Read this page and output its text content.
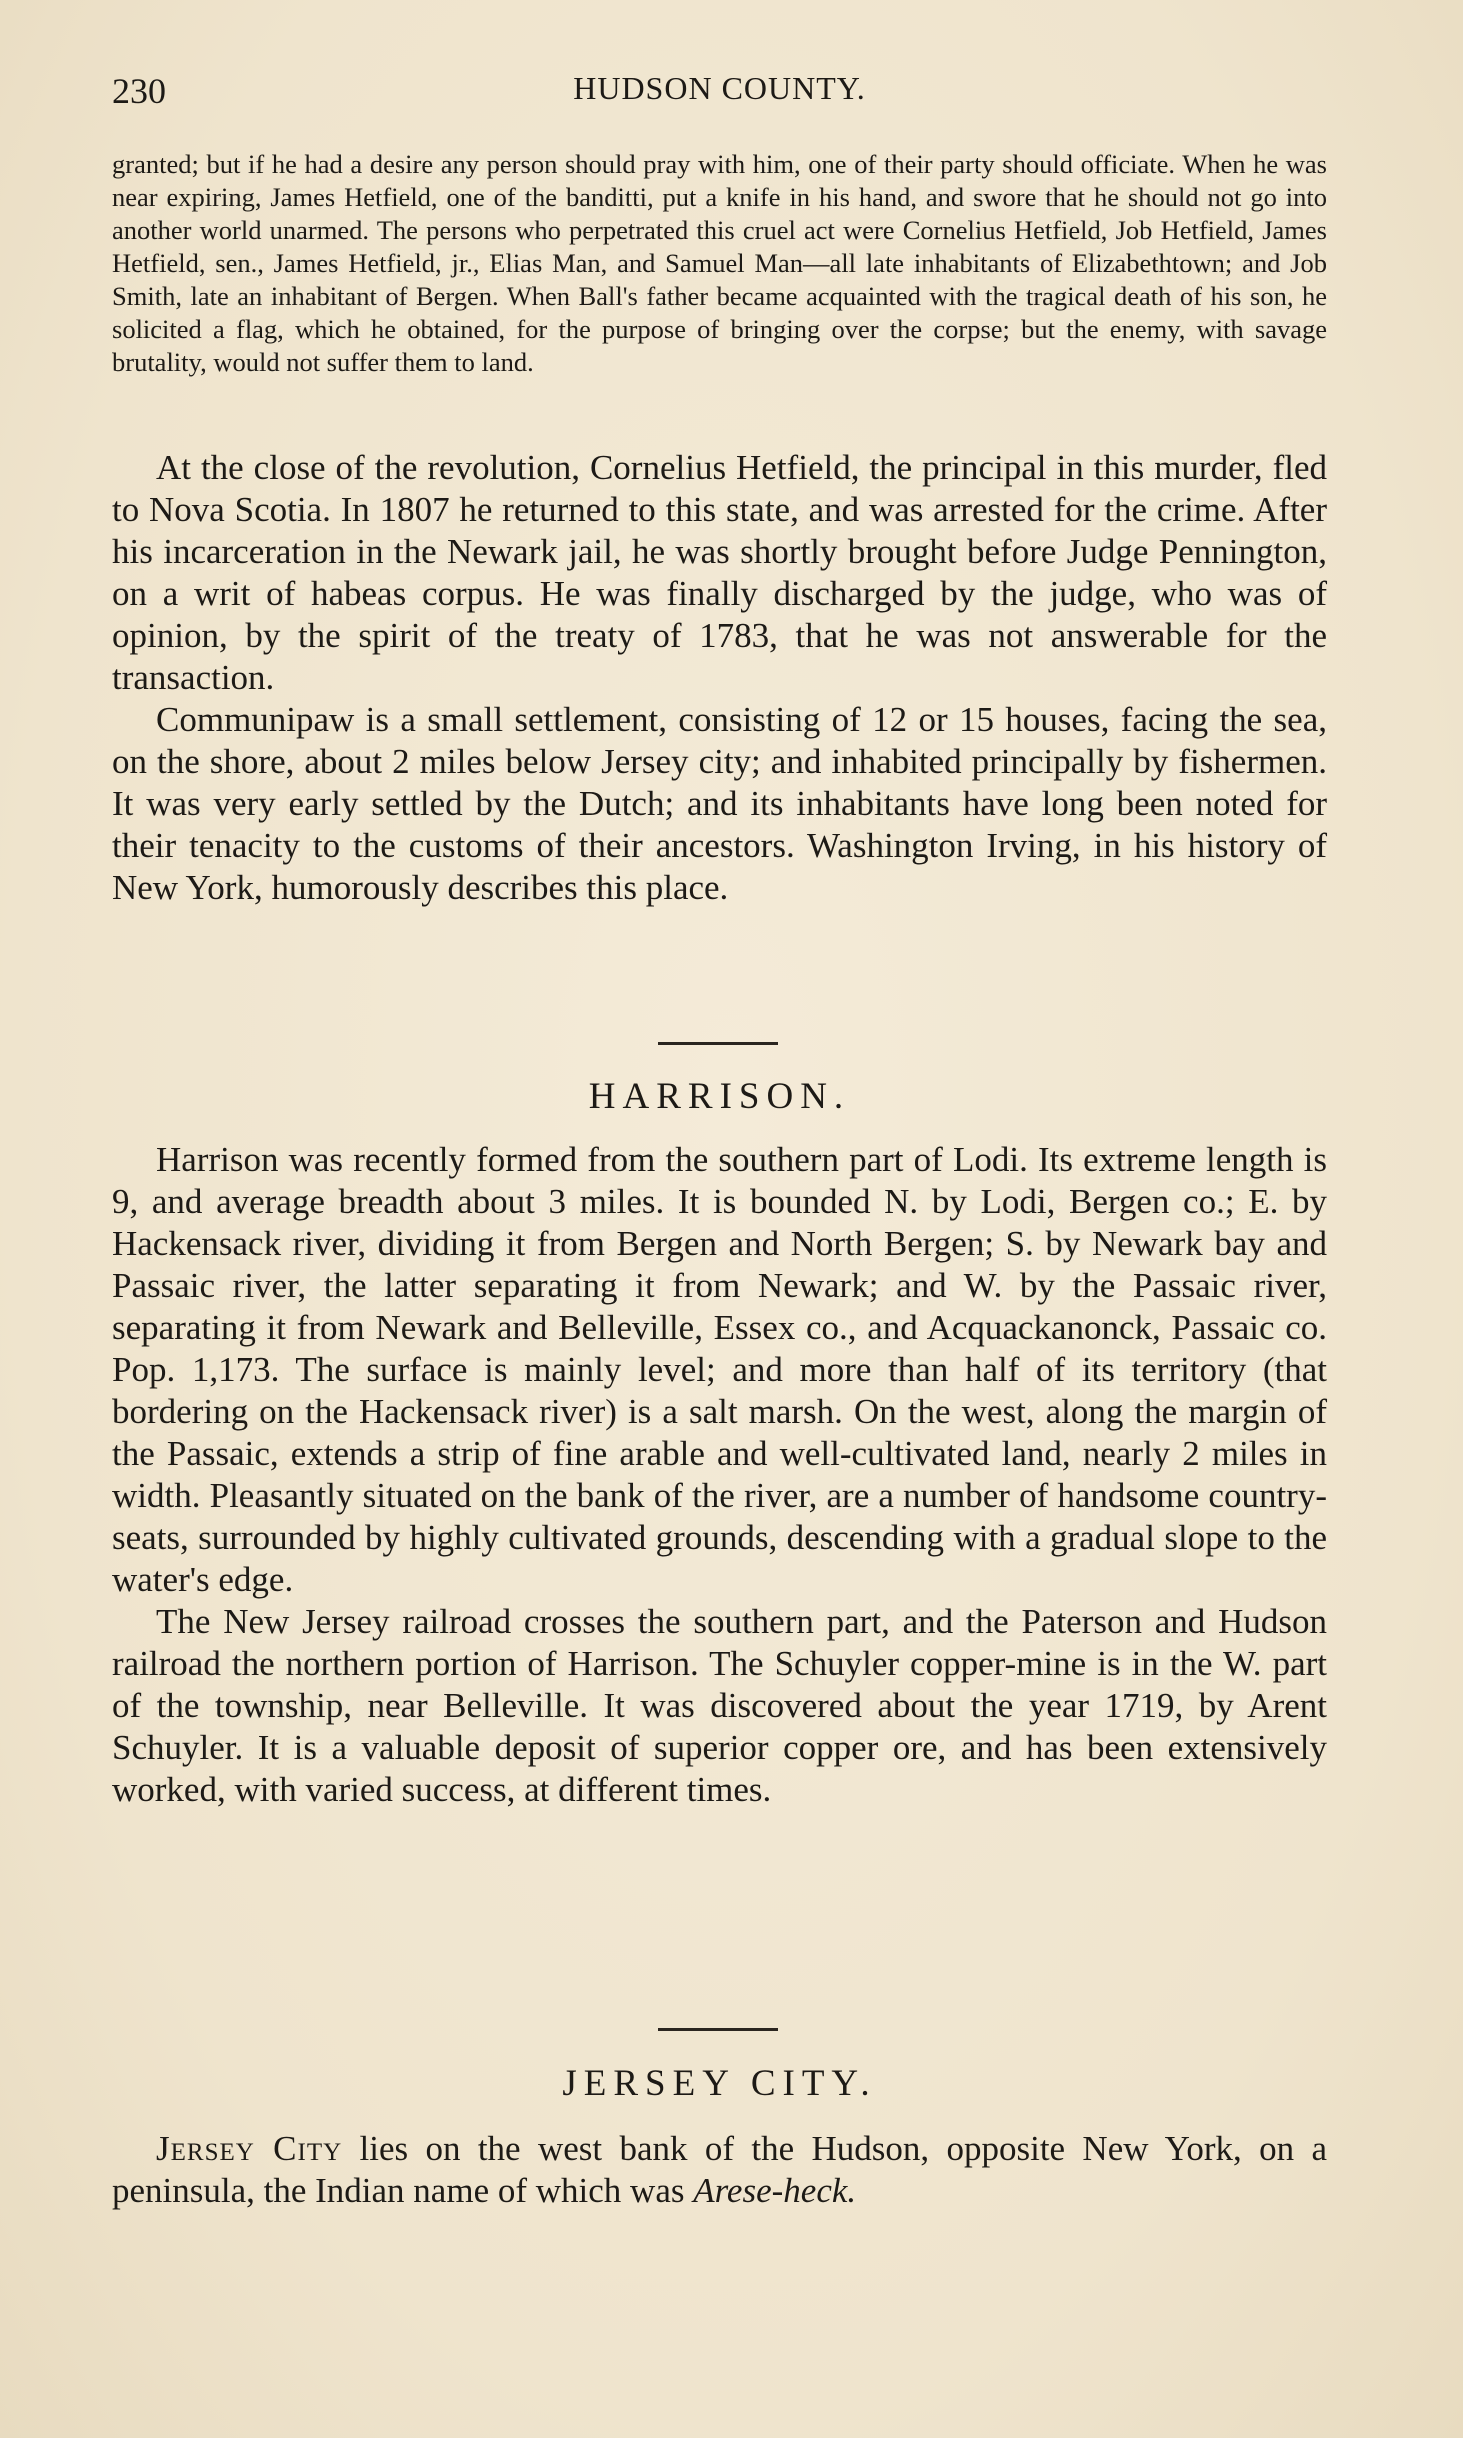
230	HUDSON COUNTY.

granted; but if he had a desire any person should pray with him, one of their party should officiate. When he was near expiring, James Hetfield, one of the banditti, put a knife in his hand, and swore that he should not go into another world unarmed. The persons who perpetrated this cruel act were Cornelius Hetfield, Job Hetfield, James Hetfield, sen., James Hetfield, jr., Elias Man, and Samuel Man—all late inhabitants of Elizabethtown; and Job Smith, late an inhabitant of Bergen. When Ball's father became acquainted with the tragical death of his son, he solicited a flag, which he obtained, for the purpose of bringing over the corpse; but the enemy, with savage brutality, would not suffer them to land.

At the close of the revolution, Cornelius Hetfield, the principal in this murder, fled to Nova Scotia. In 1807 he returned to this state, and was arrested for the crime. After his incarceration in the Newark jail, he was shortly brought before Judge Pennington, on a writ of habeas corpus. He was finally discharged by the judge, who was of opinion, by the spirit of the treaty of 1783, that he was not answerable for the transaction.

Communipaw is a small settlement, consisting of 12 or 15 houses, facing the sea, on the shore, about 2 miles below Jersey city; and inhabited principally by fishermen. It was very early settled by the Dutch; and its inhabitants have long been noted for their tenacity to the customs of their ancestors. Washington Irving, in his history of New York, humorously describes this place.

HARRISON.

Harrison was recently formed from the southern part of Lodi. Its extreme length is 9, and average breadth about 3 miles. It is bounded N. by Lodi, Bergen co.; E. by Hackensack river, dividing it from Bergen and North Bergen; S. by Newark bay and Passaic river, the latter separating it from Newark; and W. by the Passaic river, separating it from Newark and Belleville, Essex co., and Acquackanonck, Passaic co. Pop. 1,173. The surface is mainly level; and more than half of its territory (that bordering on the Hackensack river) is a salt marsh. On the west, along the margin of the Passaic, extends a strip of fine arable and well-cultivated land, nearly 2 miles in width. Pleasantly situated on the bank of the river, are a number of handsome country-seats, surrounded by highly cultivated grounds, descending with a gradual slope to the water's edge.

The New Jersey railroad crosses the southern part, and the Paterson and Hudson railroad the northern portion of Harrison. The Schuyler copper-mine is in the W. part of the township, near Belleville. It was discovered about the year 1719, by Arent Schuyler. It is a valuable deposit of superior copper ore, and has been extensively worked, with varied success, at different times.

JERSEY CITY.

Jersey City lies on the west bank of the Hudson, opposite New York, on a peninsula, the Indian name of which was Arese-heck.
